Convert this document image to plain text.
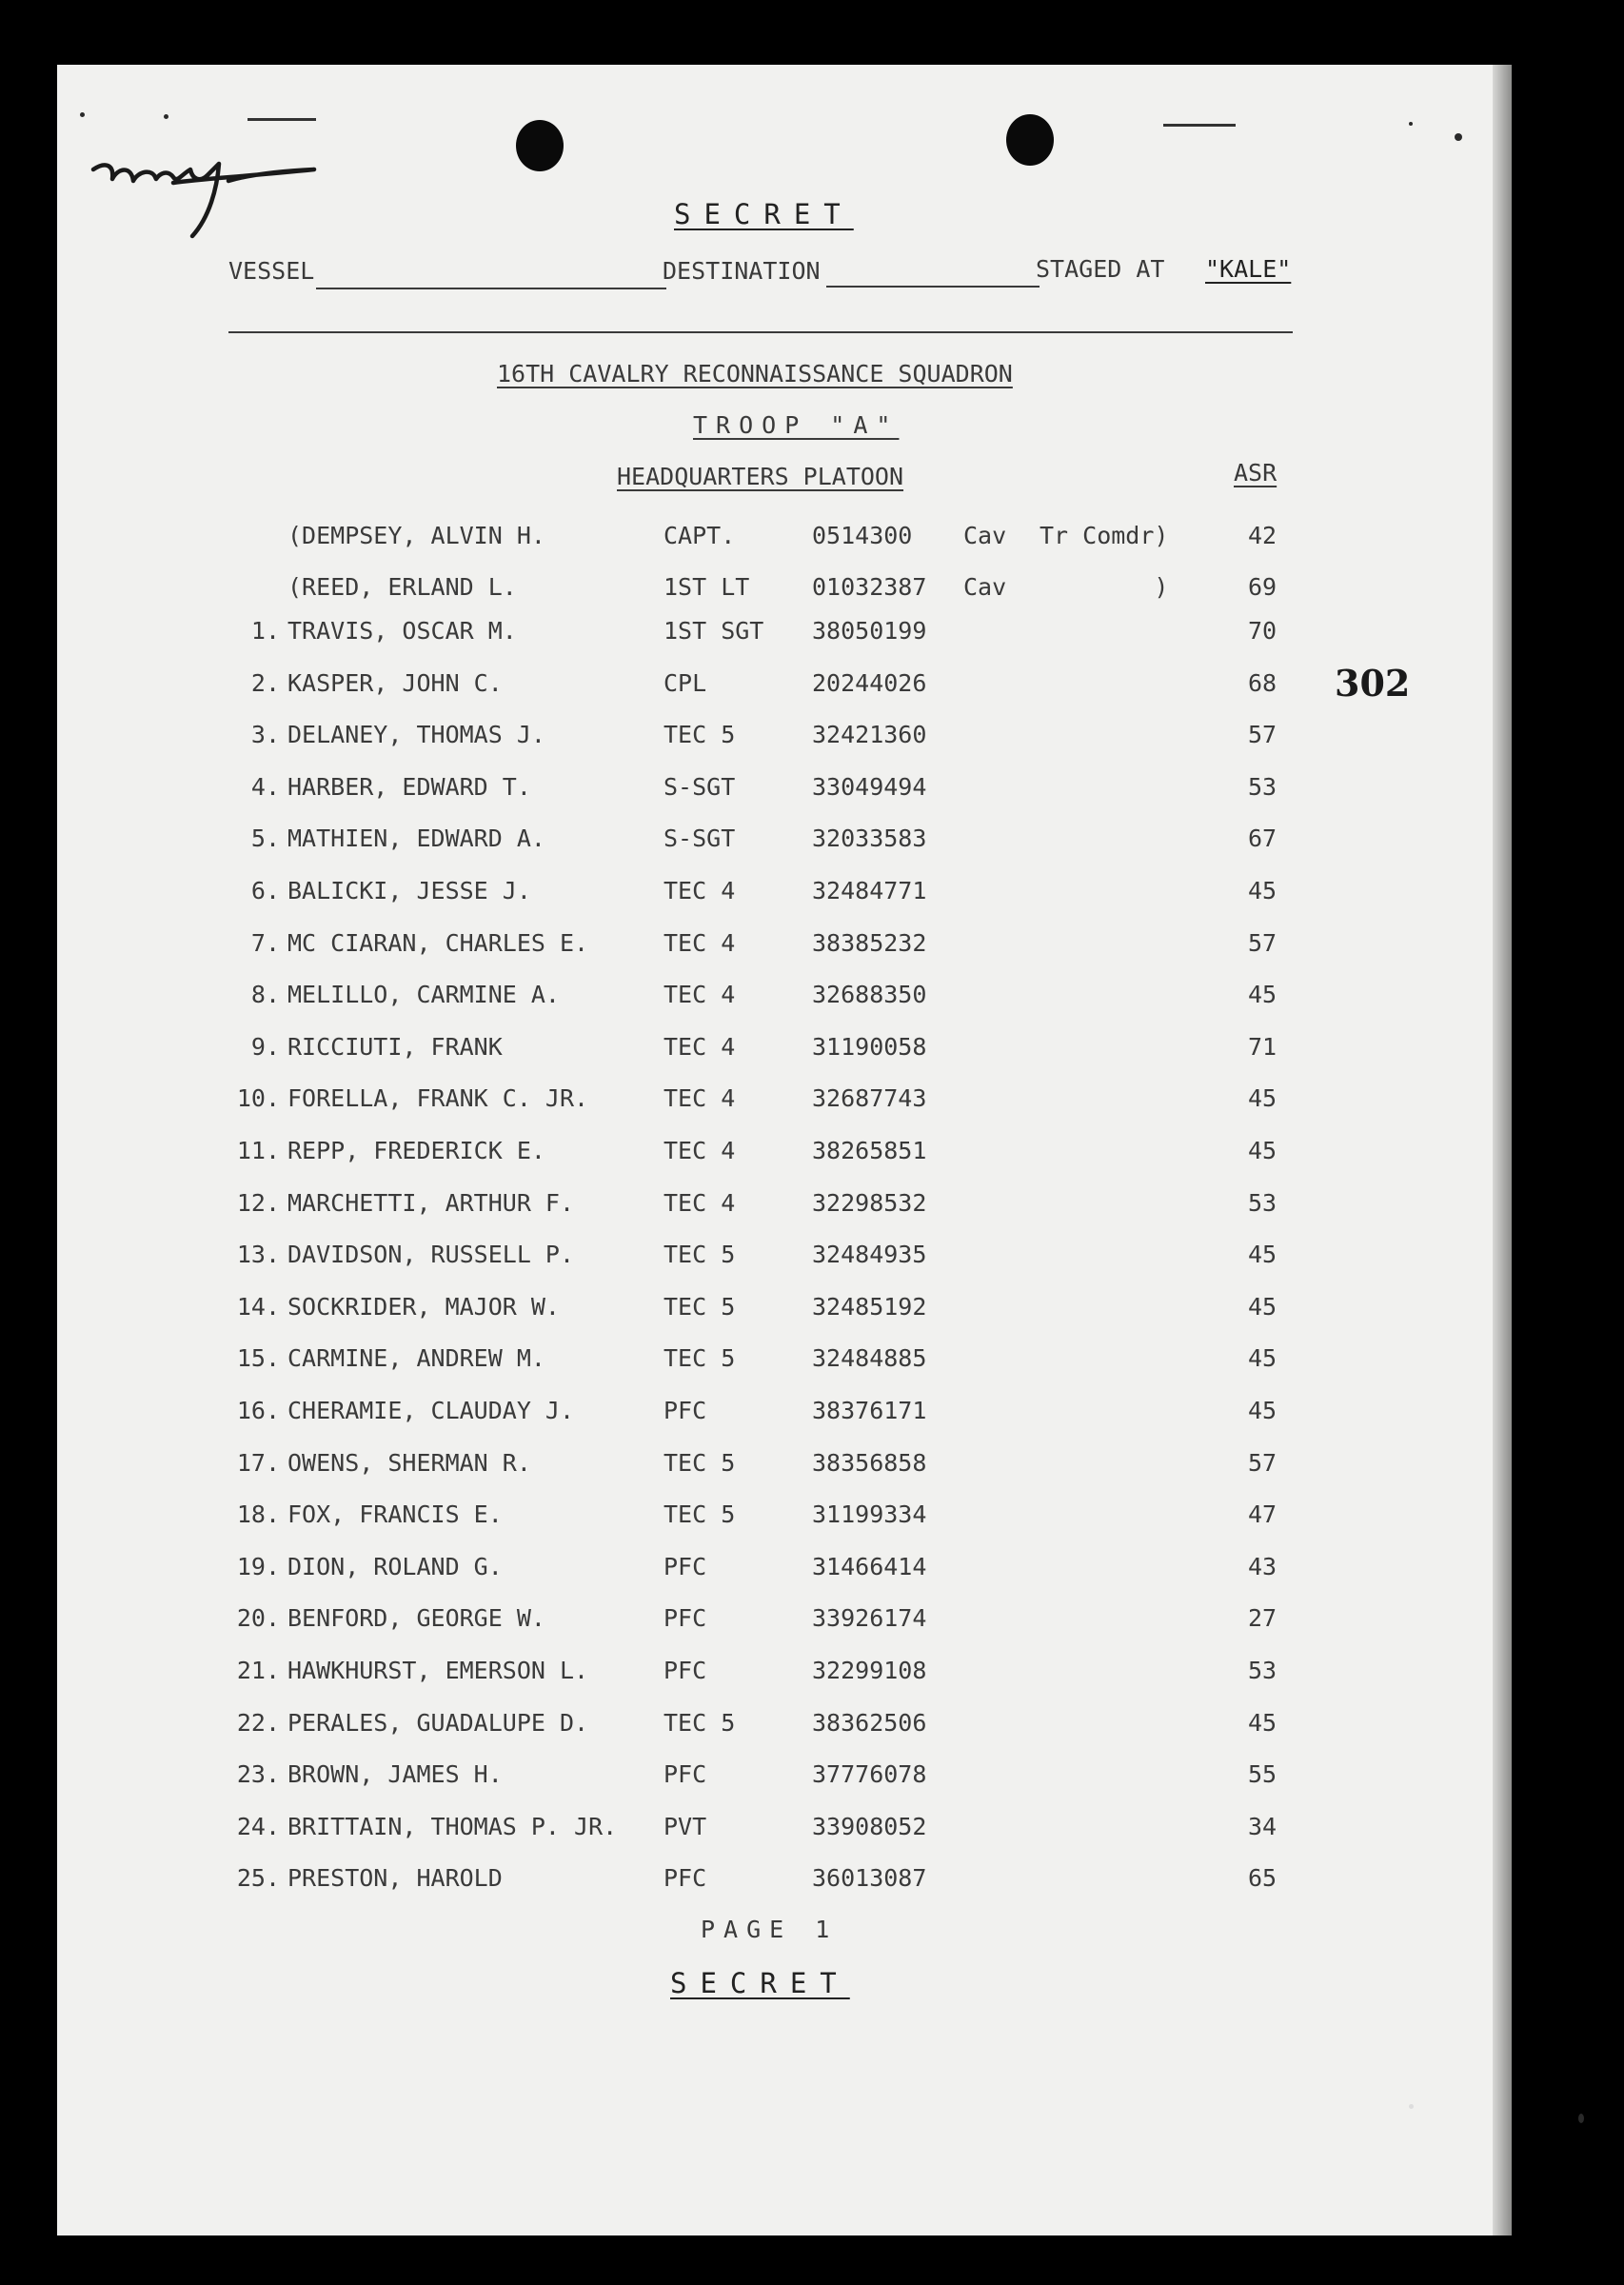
SECRET
VESSEL	DESTINATION	STAGED AT "KALE"
16TH CAVALRY RECONNAISSANCE SQUADRON
TROOP "A"
HEADQUARTERS PLATOON	ASR
(DEMPSEY, ALVIN H.	CAPT.	0514300 Cav Tr Comdr)	42
(REED, ERLAND L.	1ST LT	01032387 Cav )	69
1. TRAVIS, OSCAR M.	1ST SGT 38050199	70
2. KASPER, JOHN C.	CPL	20244026	68
3. DELANEY, THOMAS J.	TEC 5	32421360	57
4. HARBER, EDWARD T.	S-SGT	33049494	53
5. MATHIEN, EDWARD A.	S-SGT	32033583	67
6. BALICKI, JESSE J.	TEC 4	32484771	45
7. MC CIARAN, CHARLES E.	TEC 4	38385232	57
8. MELILLO, CARMINE A.	TEC 4	32688350	45
9. RICCIUTI, FRANK	TEC 4	31190058	71
10. FORELLA, FRANK C. JR.	TEC 4	32687743	45
11. REPP, FREDERICK E.	TEC 4	38265851	45
12. MARCHETTI, ARTHUR F.	TEC 4	32298532	53
13. DAVIDSON, RUSSELL P.	TEC 5	32484935	45
14. SOCKRIDER, MAJOR W.	TEC 5	32485192	45
15. CARMINE, ANDREW M.	TEC 5	32484885	45
16. CHERAMIE, CLAUDAY J.	PFC	38376171	45
17. OWENS, SHERMAN R.	TEC 5	38356858	57
18. FOX, FRANCIS E.	TEC 5	31199334	47
19. DION, ROLAND G.	PFC	31466414	43
20. BENFORD, GEORGE W.	PFC	33926174	27
21. HAWKHURST, EMERSON L.	PFC	32299108	53
22. PERALES, GUADALUPE D.	TEC 5	38362506	45
23. BROWN, JAMES H.	PFC	37776078	55
24. BRITTAIN, THOMAS P. JR. PVT	33908052	34
25. PRESTON, HAROLD	PFC	36013087	65
PAGE 1
SECRET
302
